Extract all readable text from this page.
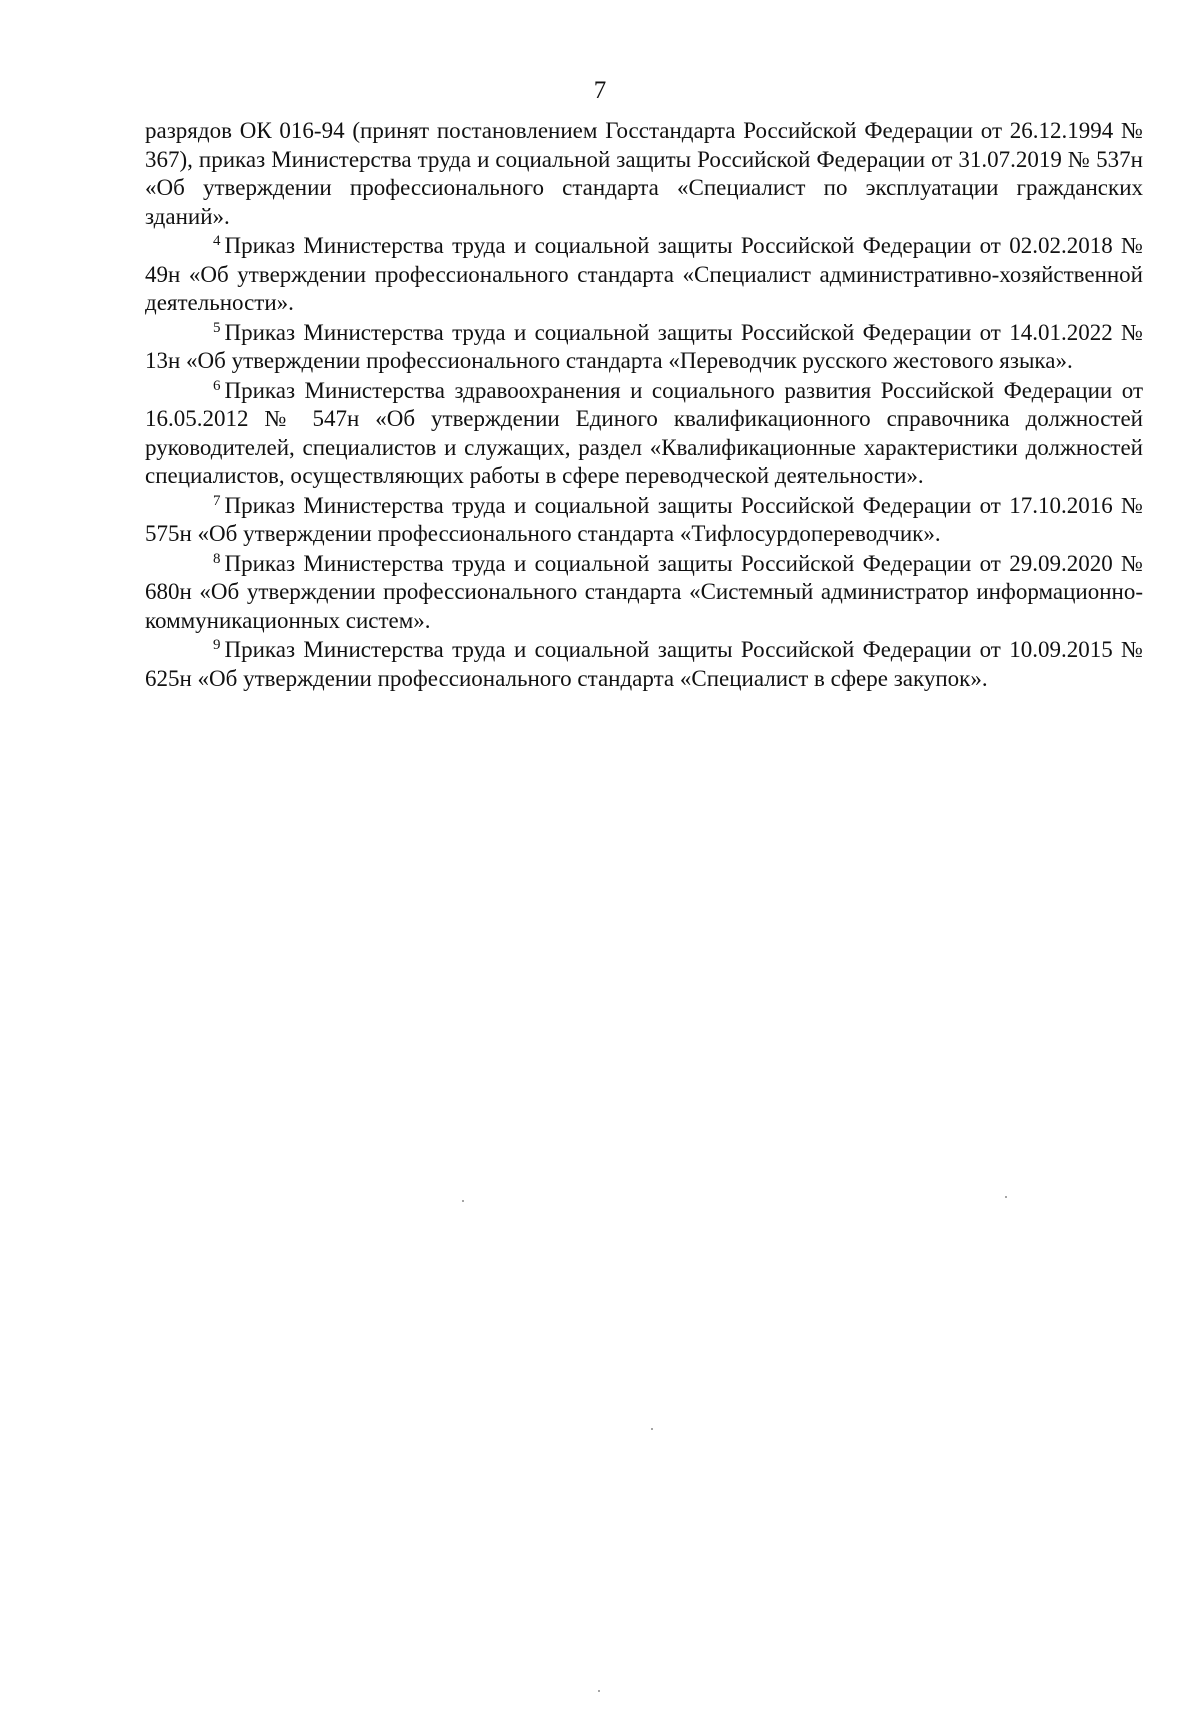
7

разрядов ОК 016-94 (принят постановлением Госстандарта Российской Федерации от 26.12.1994 № 367), приказ Министерства труда и социальной защиты Российской Федерации от 31.07.2019 № 537н «Об утверждении профессионального стандарта «Специалист по эксплуатации гражданских зданий».

$^4$ Приказ Министерства труда и социальной защиты Российской Федерации от 02.02.2018 № 49н «Об утверждении профессионального стандарта «Специалист административно-хозяйственной деятельности».

$^5$ Приказ Министерства труда и социальной защиты Российской Федерации от 14.01.2022 № 13н «Об утверждении профессионального стандарта «Переводчик русского жестового языка».

$^6$ Приказ Министерства здравоохранения и социального развития Российской Федерации от 16.05.2012 № 547н «Об утверждении Единого квалификационного справочника должностей руководителей, специалистов и служащих, раздел «Квалификационные характеристики должностей специалистов, осуществляющих работы в сфере переводческой деятельности».

$^7$ Приказ Министерства труда и социальной защиты Российской Федерации от 17.10.2016 № 575н «Об утверждении профессионального стандарта «Тифлосурдопереводчик».

$^8$ Приказ Министерства труда и социальной защиты Российской Федерации от 29.09.2020 № 680н «Об утверждении профессионального стандарта «Системный администратор информационно-коммуникационных систем».

$^9$ Приказ Министерства труда и социальной защиты Российской Федерации от 10.09.2015 № 625н «Об утверждении профессионального стандарта «Специалист в сфере закупок».
